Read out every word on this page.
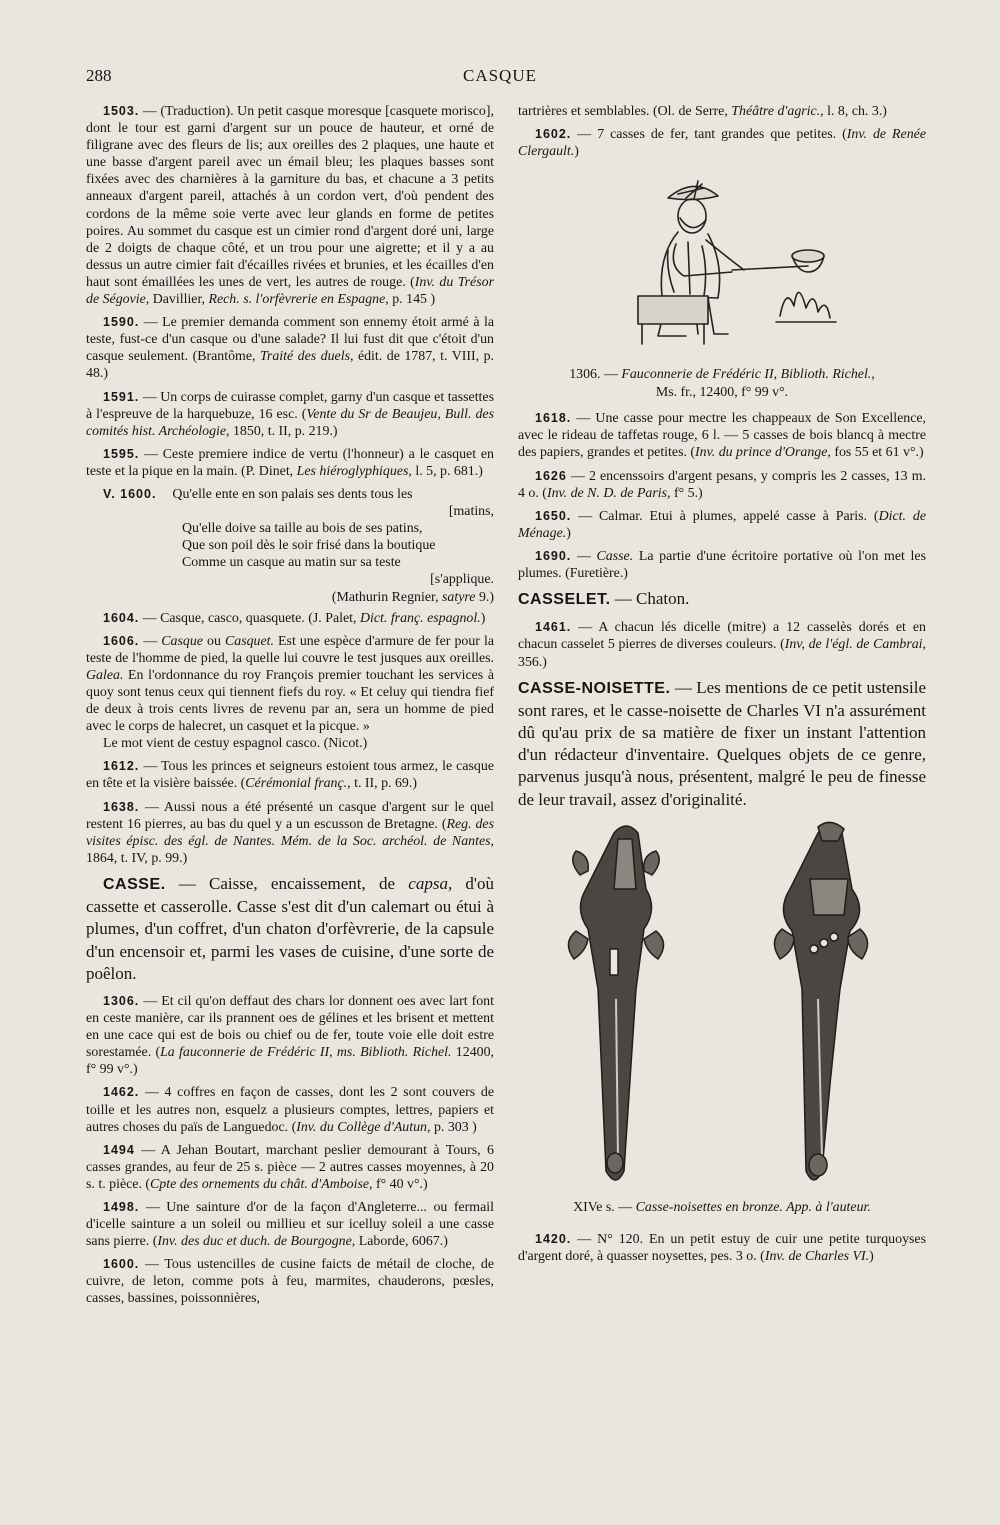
288	CASQUE

1503. — (Traduction). Un petit casque moresque [casquete morisco], dont le tour est garni d'argent sur un pouce de hauteur, et orné de filigrane avec des fleurs de lis; aux oreilles des 2 plaques, une haute et une basse d'argent pareil avec un émail bleu; les plaques basses sont fixées avec des charnières à la garniture du bas, et chacune a 3 petits anneaux d'argent pareil, attachés à un cordon vert, d'où pendent des cordons de la même soie verte avec leur glands en forme de petites poires. Au sommet du casque est un cimier rond d'argent doré uni, large de 2 doigts de chaque côté, et un trou pour une aigrette; et il y a au dessus un autre cimier fait d'écailles rivées et brunies, et les écailles d'en haut sont émaillées les unes de vert, les autres de rouge. (Inv. du Trésor de Ségovie, Davillier, Rech. s. l'orfèvrerie en Espagne, p. 145 )

1590. — Le premier demanda comment son ennemy étoit armé à la teste, fust-ce d'un casque ou d'une salade? Il lui fust dit que c'étoit d'un casque seulement. (Brantôme, Traité des duels, édit. de 1787, t. VIII, p. 48.)

1591. — Un corps de cuirasse complet, garny d'un casque et tassettes à l'espreuve de la harquebuze, 16 esc. (Vente du Sr de Beaujeu, Bull. des comités hist. Archéologie, 1850, t. II, p. 219.)

1595. — Ceste premiere indice de vertu (l'honneur) a le casquet en teste et la pique en la main. (P. Dinet, Les hiéroglyphiques, l. 5, p. 681.)

V. 1600. Qu'elle ente en son palais ses dents tous les
[matins,
Qu'elle doive sa taille au bois de ses patins,
Que son poil dès le soir frisé dans la boutique
Comme un casque au matin sur sa teste
[s'applique.
(Mathurin Regnier, satyre 9.)

1604. — Casque, casco, quasquete. (J. Palet, Dict. franç. espagnol.)

1606. — Casque ou Casquet. Est une espèce d'armure de fer pour la teste de l'homme de pied, la quelle lui couvre le test jusques aux oreilles. Galea. En l'ordonnance du roy François premier touchant les services à quoy sont tenus ceux qui tiennent fiefs du roy. « Et celuy qui tiendra fief de deux à trois cents livres de revenu par an, sera un homme de pied avec le corps de halecret, un casquet et la picque. »

Le mot vient de cestuy espagnol casco. (Nicot.)

1612. — Tous les princes et seigneurs estoient tous armez, le casque en tête et la visière baissée. (Cérémonial franç., t. II, p. 69.)

1638. — Aussi nous a été présenté un casque d'argent sur le quel restent 16 pierres, au bas du quel y a un escusson de Bretagne. (Reg. des visites épisc. des égl. de Nantes. Mém. de la Soc. archéol. de Nantes, 1864, t. IV, p. 99.)

CASSE. — Caisse, encaissement, de capsa, d'où cassette et casserolle. Casse s'est dit d'un calemart ou étui à plumes, d'un coffret, d'un chaton d'orfèvrerie, de la capsule d'un encensoir et, parmi les vases de cuisine, d'une sorte de poêlon.

1306. — Et cil qu'on deffaut des chars lor donnent oes avec lart font en ceste manière, car ils prannent oes de gélines et les brisent et mettent en une cace qui est de bois ou chief ou de fer, toute voie elle doit estre sorestamée. (La fauconnerie de Frédéric II, ms. Biblioth. Richel. 12400, f° 99 v°.)

1462. — 4 coffres en façon de casses, dont les 2 sont couvers de toille et les autres non, esquelz a plusieurs comptes, lettres, papiers et autres choses du païs de Languedoc. (Inv. du Collège d'Autun, p. 303 )

1494 — A Jehan Boutart, marchant peslier demourant à Tours, 6 casses grandes, au feur de 25 s. pièce — 2 autres casses moyennes, à 20 s. t. pièce. (Cpte des ornements du chât. d'Amboise, f° 40 v°.)

1498. — Une sainture d'or de la façon d'Angleterre... ou fermail d'icelle sainture a un soleil ou millieu et sur icelluy soleil a une casse sans pierre. (Inv. des duc et duch. de Bourgogne, Laborde, 6067.)

1600. — Tous ustencilles de cusine faicts de métail de cloche, de cuivre, de leton, comme pots à feu, marmites, chauderons, pœsles, casses, bassines, poissonnières,

tartrières et semblables. (Ol. de Serre, Théâtre d'agric., l. 8, ch. 3.)

1602. — 7 casses de fer, tant grandes que petites. (Inv. de Renée Clergault.)

1306. — Fauconnerie de Frédéric II, Biblioth. Richel.,
Ms. fr., 12400, f° 99 v°.

1618. — Une casse pour mectre les chappeaux de Son Excellence, avec le rideau de taffetas rouge, 6 l. — 5 casses de bois blancq à mectre des papiers, grandes et petites. (Inv. du prince d'Orange, fos 55 et 61 v°.)

1626 — 2 encenssoirs d'argent pesans, y compris les 2 casses, 13 m. 4 o. (Inv. de N. D. de Paris, f° 5.)

1650. — Calmar. Etui à plumes, appelé casse à Paris. (Dict. de Ménage.)

1690. — Casse. La partie d'une écritoire portative où l'on met les plumes. (Furetière.)

CASSELET. — Chaton.

1461. — A chacun lés dicelle (mitre) a 12 casselès dorés et en chacun casselet 5 pierres de diverses couleurs. (Inv, de l'égl. de Cambrai, 356.)

CASSE-NOISETTE. — Les mentions de ce petit ustensile sont rares, et le casse-noisette de Charles VI n'a assurément dû qu'au prix de sa matière de fixer un instant l'attention d'un rédacteur d'inventaire. Quelques objets de ce genre, parvenus jusqu'à nous, présentent, malgré le peu de finesse de leur travail, assez d'originalité.

XIVe s. — Casse-noisettes en bronze. App. à l'auteur.

1420. — N° 120. En un petit estuy de cuir une petite turquoyses d'argent doré, à quasser noysettes, pes. 3 o. (Inv. de Charles VI.)
